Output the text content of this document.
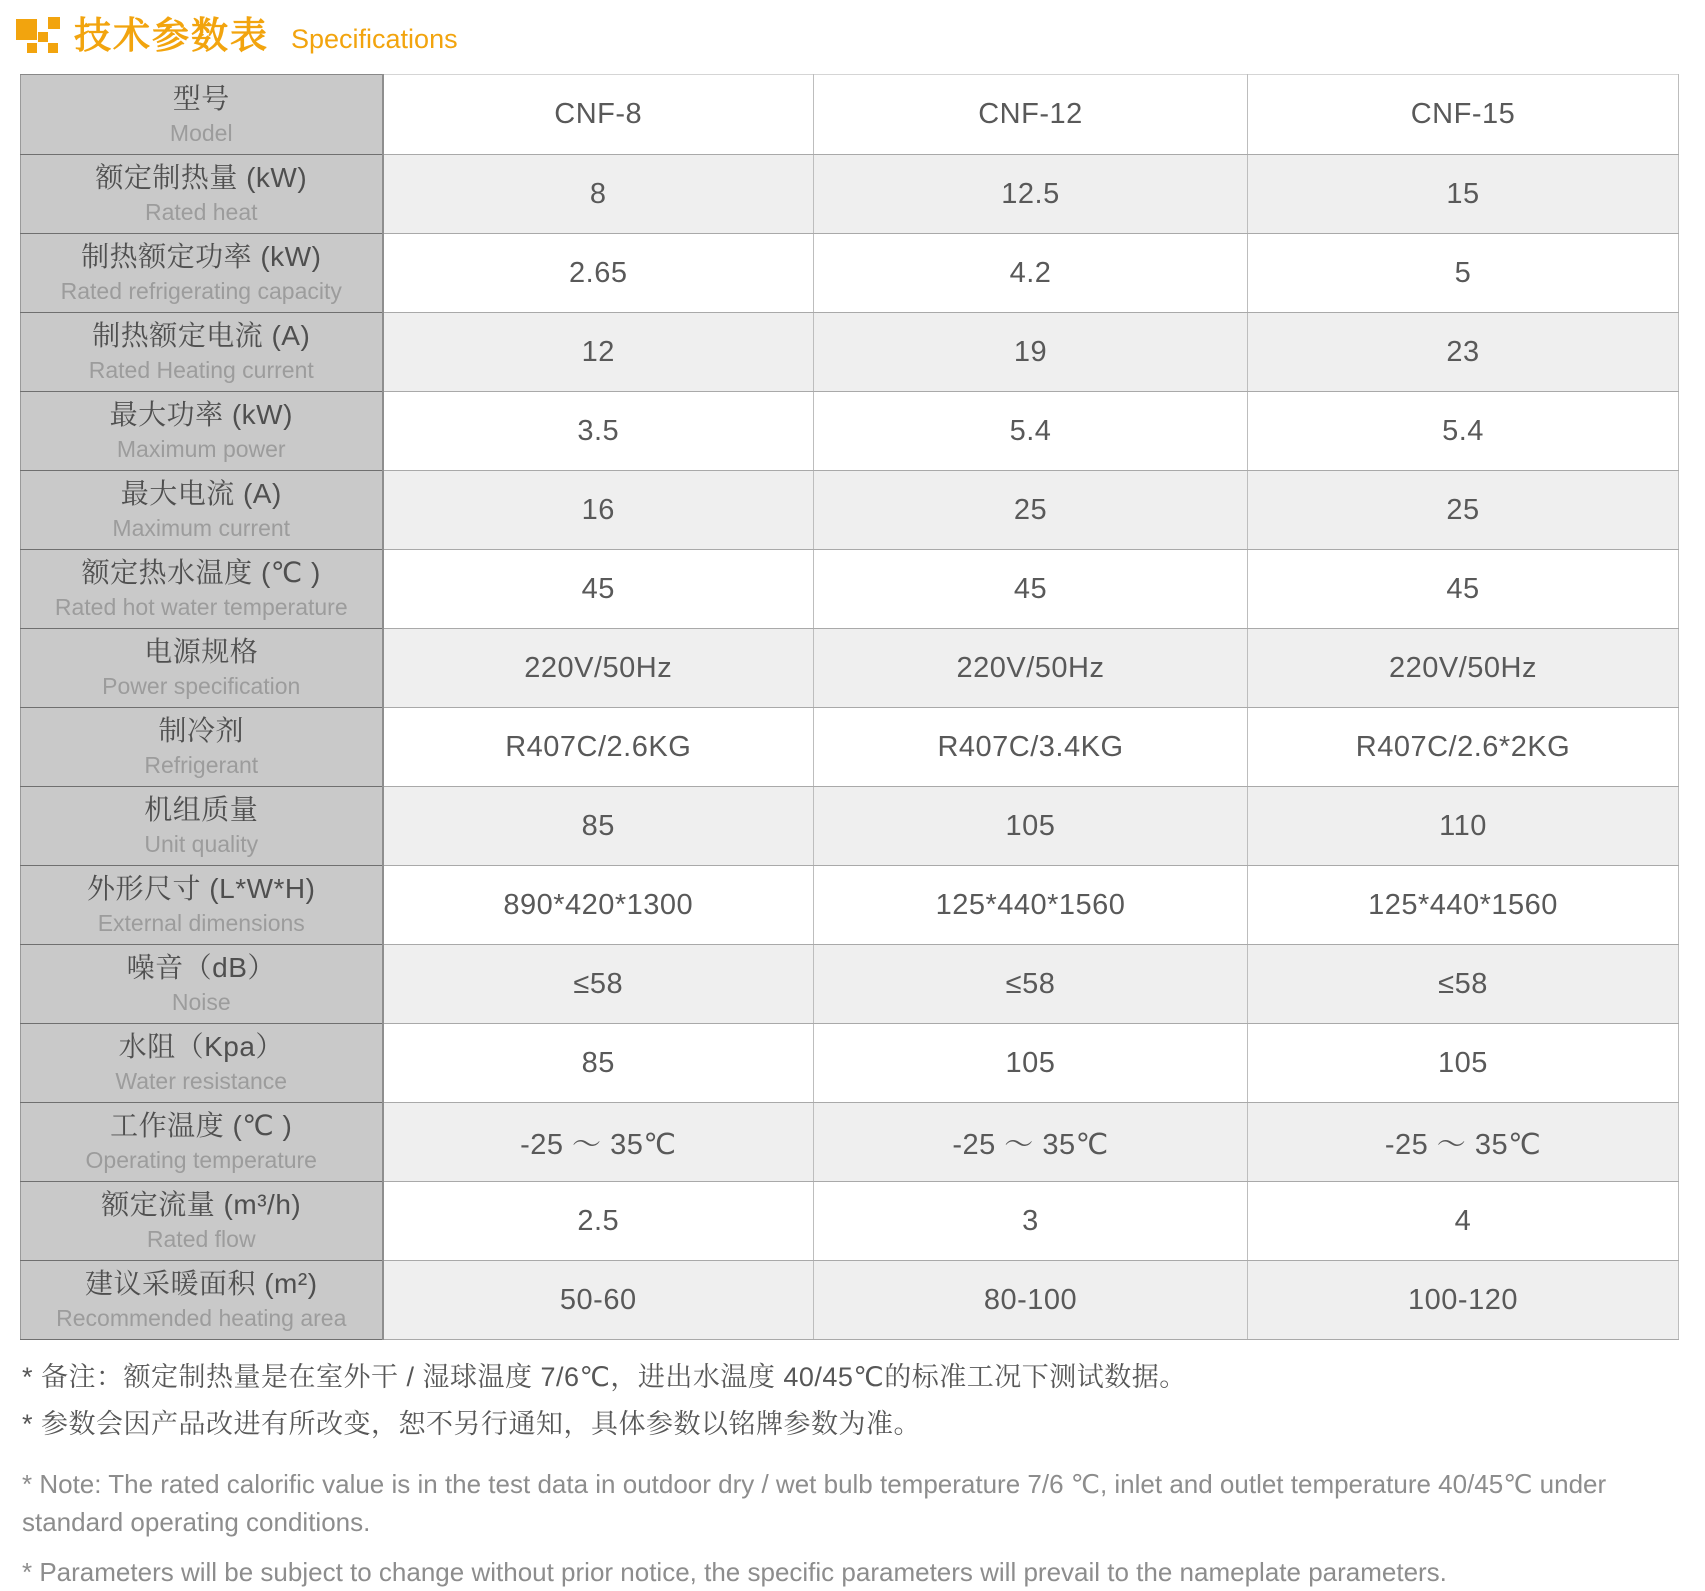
技术参数表 Specifications
型号
Model	CNF-8	CNF-12	CNF-15

额定制热量 (kW)
Rated heat	8	12.5	15

制热额定功率 (kW)
Rated refrigerating capacity	2.65	4.2	5

制热额定电流 (A)
Rated Heating current	12	19	23

最大功率 (kW)
Maximum power	3.5	5.4	5.4

最大电流 (A)
Maximum current	16	25	25

额定热水温度 (℃ )
Rated hot water temperature	45	45	45

电源规格
Power specification	220V/50Hz	220V/50Hz	220V/50Hz

制冷剂
Refrigerant	R407C/2.6KG	R407C/3.4KG	R407C/2.6*2KG

机组质量
Unit quality	85	105	110

外形尺寸 (L*W*H)
External dimensions	890*420*1300	125*440*1560	125*440*1560

噪音（dB）
Noise	≤58	≤58	≤58

水阻（Kpa）
Water resistance	85	105	105

工作温度 (℃ )
Operating temperature	-25 ～ 35℃	-25 ～ 35℃	-25 ～ 35℃

额定流量 (m³/h)
Rated flow	2.5	3	4

建议采暖面积 (m²)
Recommended heating area	50-60	80-100	100-120

* 备注：额定制热量是在室外干 / 湿球温度 7/6℃，进出水温度 40/45℃的标准工况下测试数据。

* 参数会因产品改进有所改变，恕不另行通知，具体参数以铭牌参数为准。

* Note: The rated calorific value is in the test data in outdoor dry / wet bulb temperature 7/6 ℃, inlet and outlet temperature 40/45℃ under standard operating conditions.

* Parameters will be subject to change without prior notice, the specific parameters will prevail to the nameplate parameters.
